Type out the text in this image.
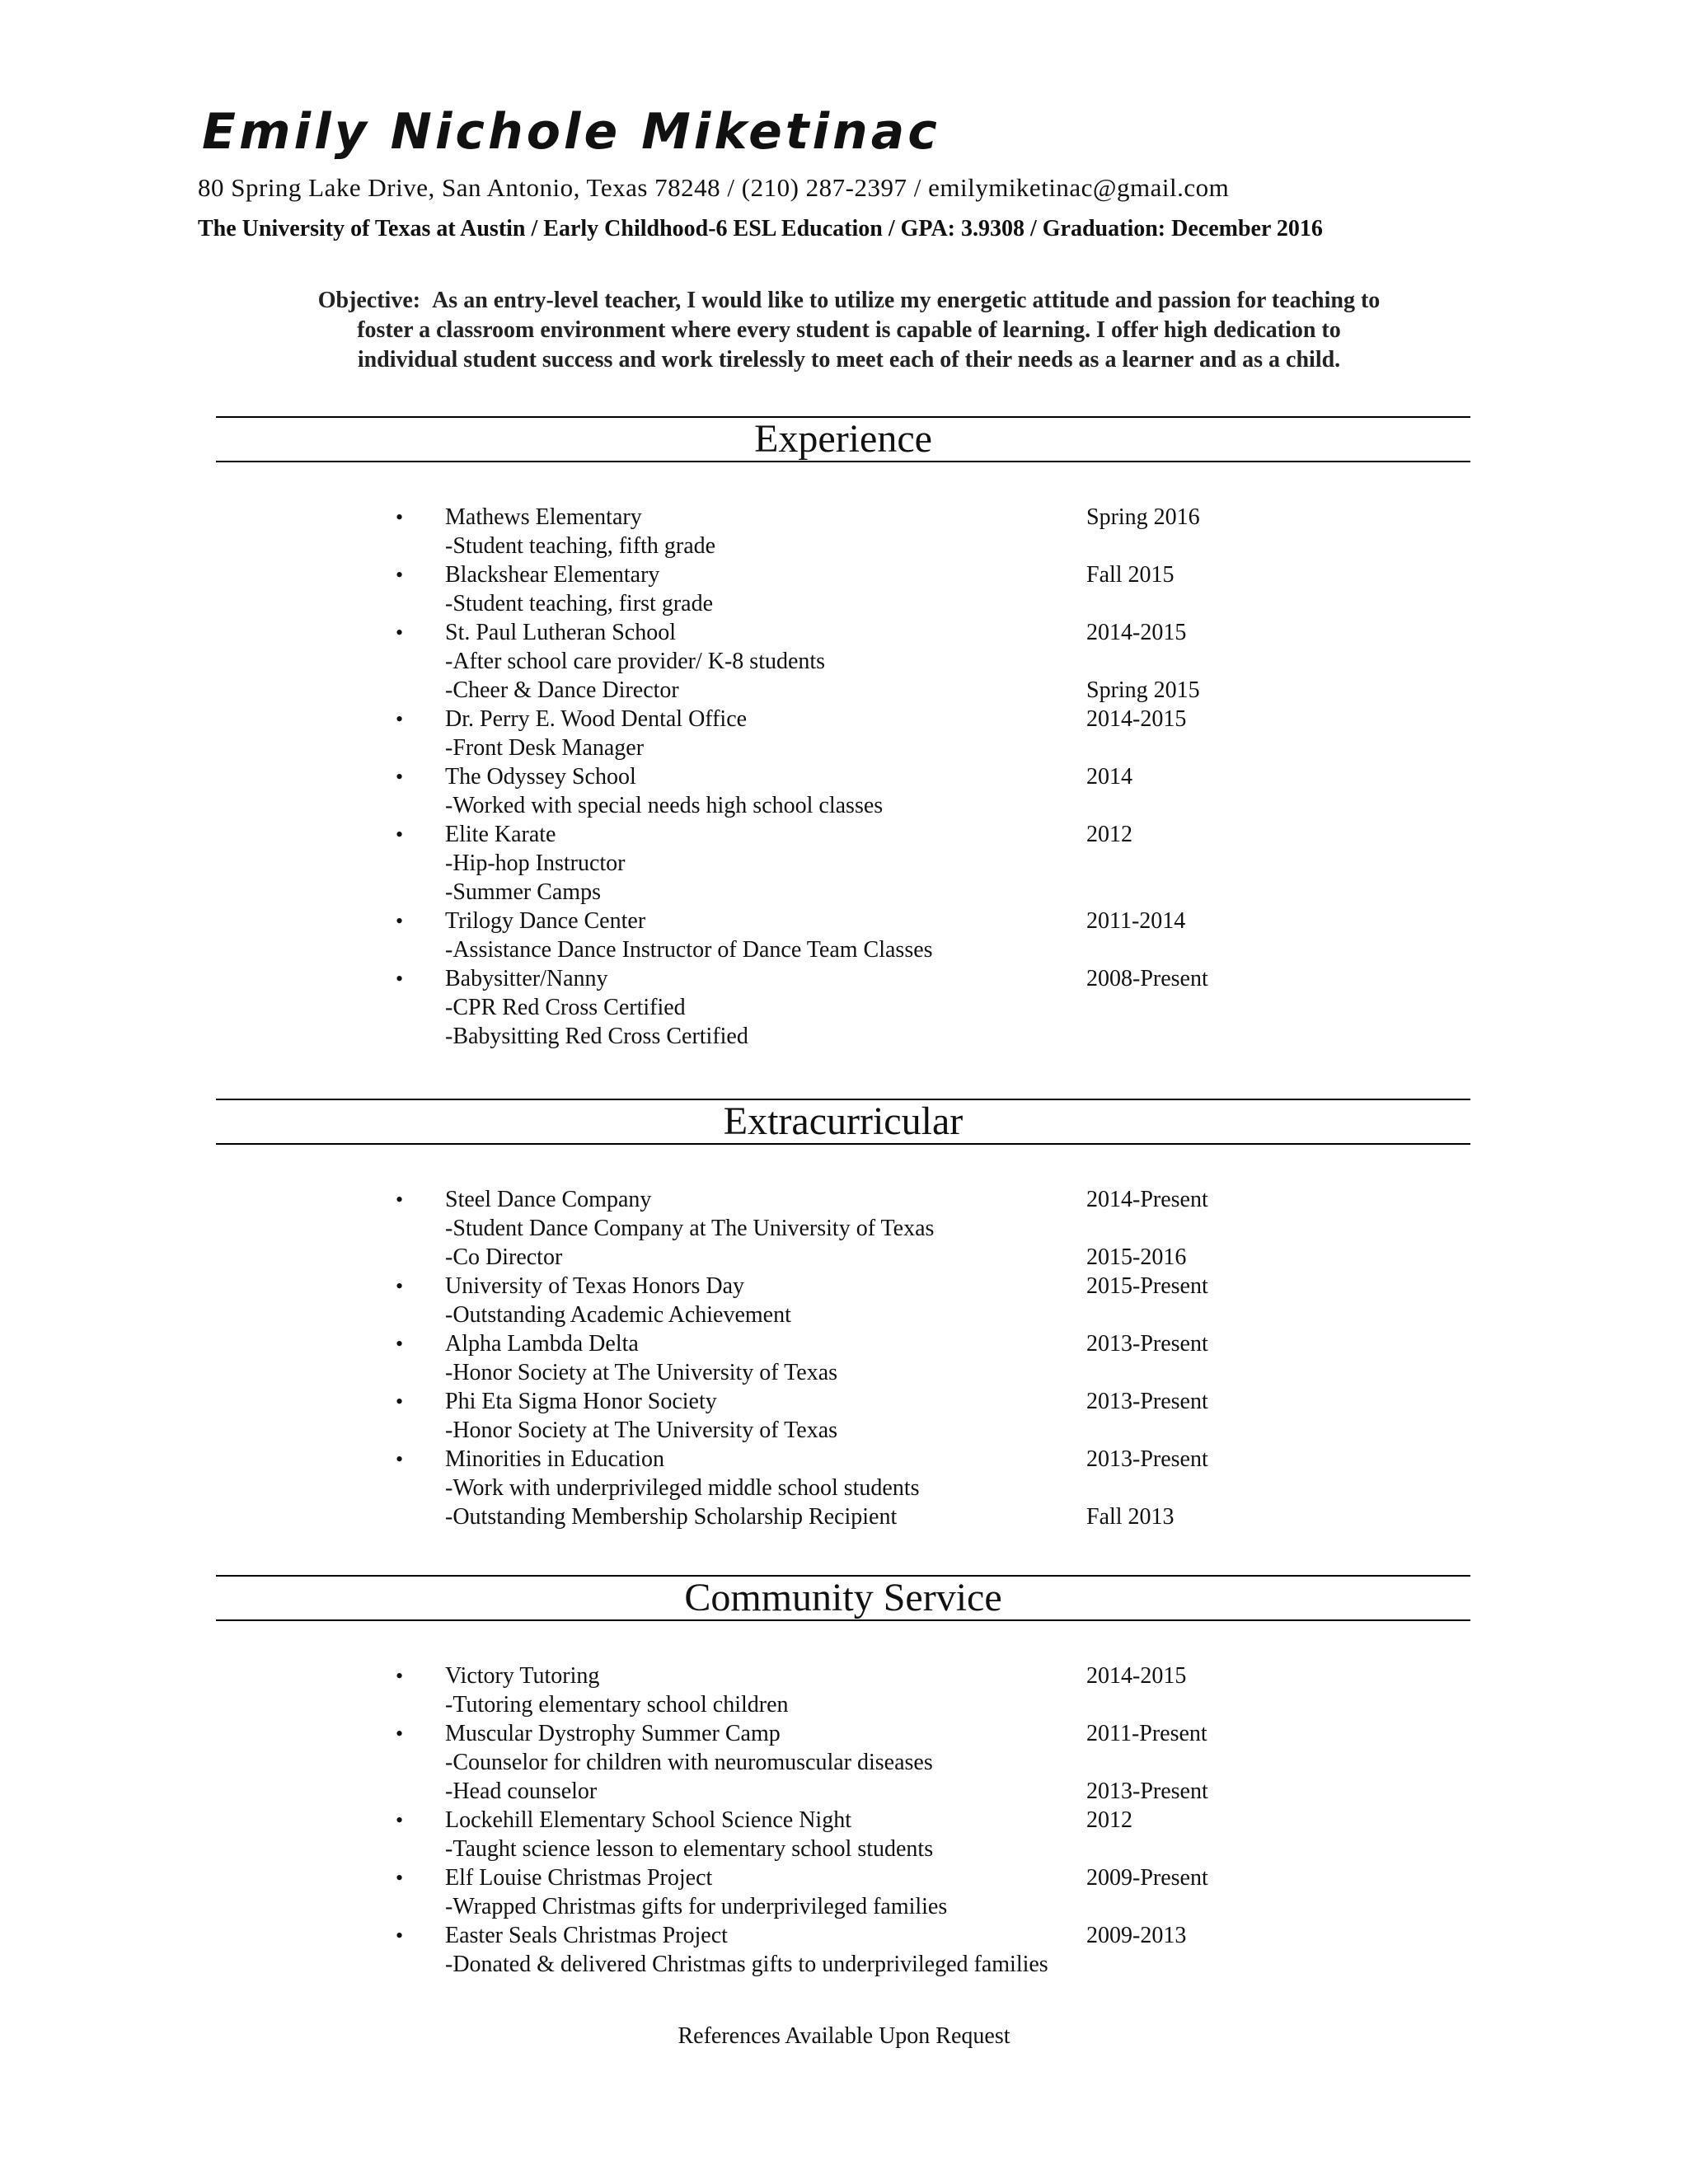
Emily Nichole Miketinac
80 Spring Lake Drive, San Antonio, Texas 78248 / (210) 287-2397 / emilymiketinac@gmail.com
The University of Texas at Austin / Early Childhood-6 ESL Education / GPA: 3.9308 / Graduation: December 2016
Objective: As an entry-level teacher, I would like to utilize my energetic attitude and passion for teaching to
foster a classroom environment where every student is capable of learning. I offer high dedication to
individual student success and work tirelessly to meet each of their needs as a learner and as a child.
Experience
• Mathews Elementary	Spring 2016
-Student teaching, fifth grade
• Blackshear Elementary	Fall 2015
-Student teaching, first grade
• St. Paul Lutheran School	2014-2015
-After school care provider/ K-8 students
-Cheer & Dance Director	Spring 2015
• Dr. Perry E. Wood Dental Office	2014-2015
-Front Desk Manager
• The Odyssey School	2014
-Worked with special needs high school classes
• Elite Karate	2012
-Hip-hop Instructor
-Summer Camps
• Trilogy Dance Center	2011-2014
-Assistance Dance Instructor of Dance Team Classes
• Babysitter/Nanny	2008-Present
-CPR Red Cross Certified
-Babysitting Red Cross Certified
Extracurricular
• Steel Dance Company	2014-Present
-Student Dance Company at The University of Texas
-Co Director	2015-2016
• University of Texas Honors Day	2015-Present
-Outstanding Academic Achievement
• Alpha Lambda Delta	2013-Present
-Honor Society at The University of Texas
• Phi Eta Sigma Honor Society	2013-Present
-Honor Society at The University of Texas
• Minorities in Education	2013-Present
-Work with underprivileged middle school students
-Outstanding Membership Scholarship Recipient	Fall 2013
Community Service
• Victory Tutoring	2014-2015
-Tutoring elementary school children
• Muscular Dystrophy Summer Camp	2011-Present
-Counselor for children with neuromuscular diseases
-Head counselor	2013-Present
• Lockehill Elementary School Science Night	2012
-Taught science lesson to elementary school students
• Elf Louise Christmas Project	2009-Present
-Wrapped Christmas gifts for underprivileged families
• Easter Seals Christmas Project	2009-2013
-Donated & delivered Christmas gifts to underprivileged families
References Available Upon Request
